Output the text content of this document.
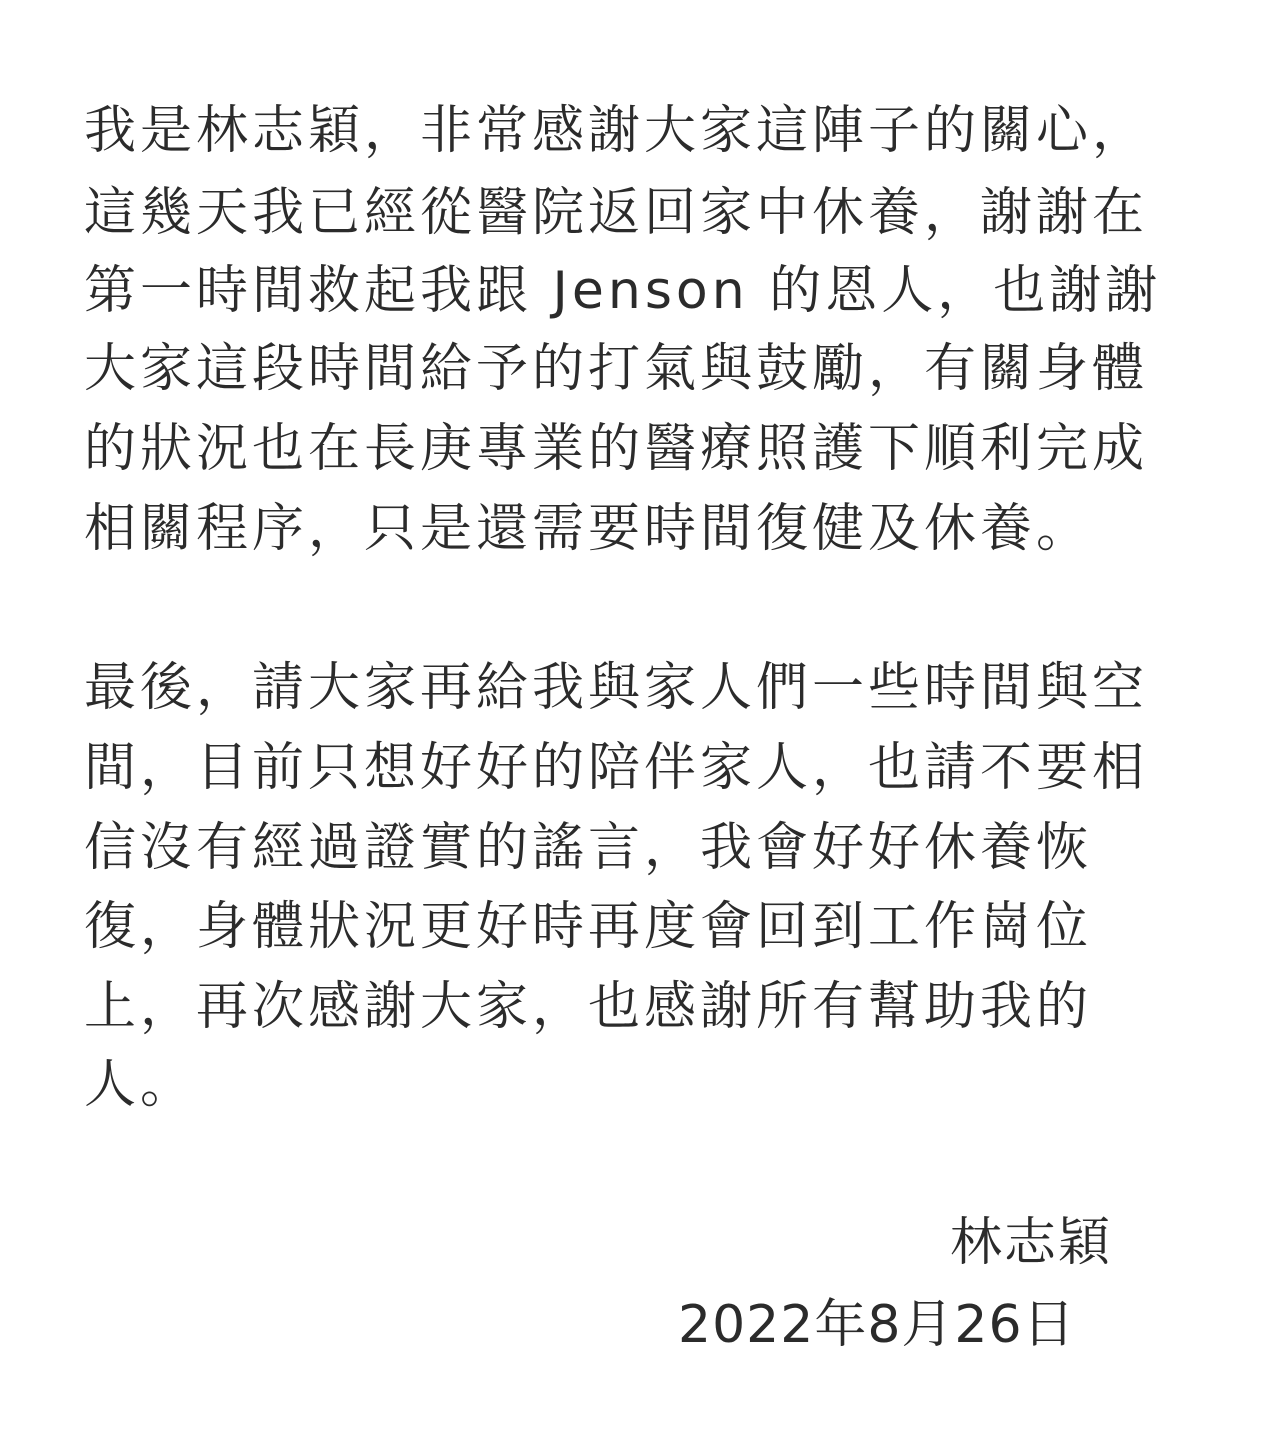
我是林志穎，非常感謝大家這陣子的關心，
這幾天我已經從醫院返回家中休養，謝謝在
第一時間救起我跟 Jenson 的恩人，也謝謝
大家這段時間給予的打氣與鼓勵，有關身體
的狀況也在長庚專業的醫療照護下順利完成
相關程序，只是還需要時間復健及休養。
最後，請大家再給我與家人們一些時間與空
間，目前只想好好的陪伴家人，也請不要相
信沒有經過證實的謠言，我會好好休養恢
復，身體狀況更好時再度會回到工作崗位
上，再次感謝大家，也感謝所有幫助我的
人。
林志穎
2022年8月26日
